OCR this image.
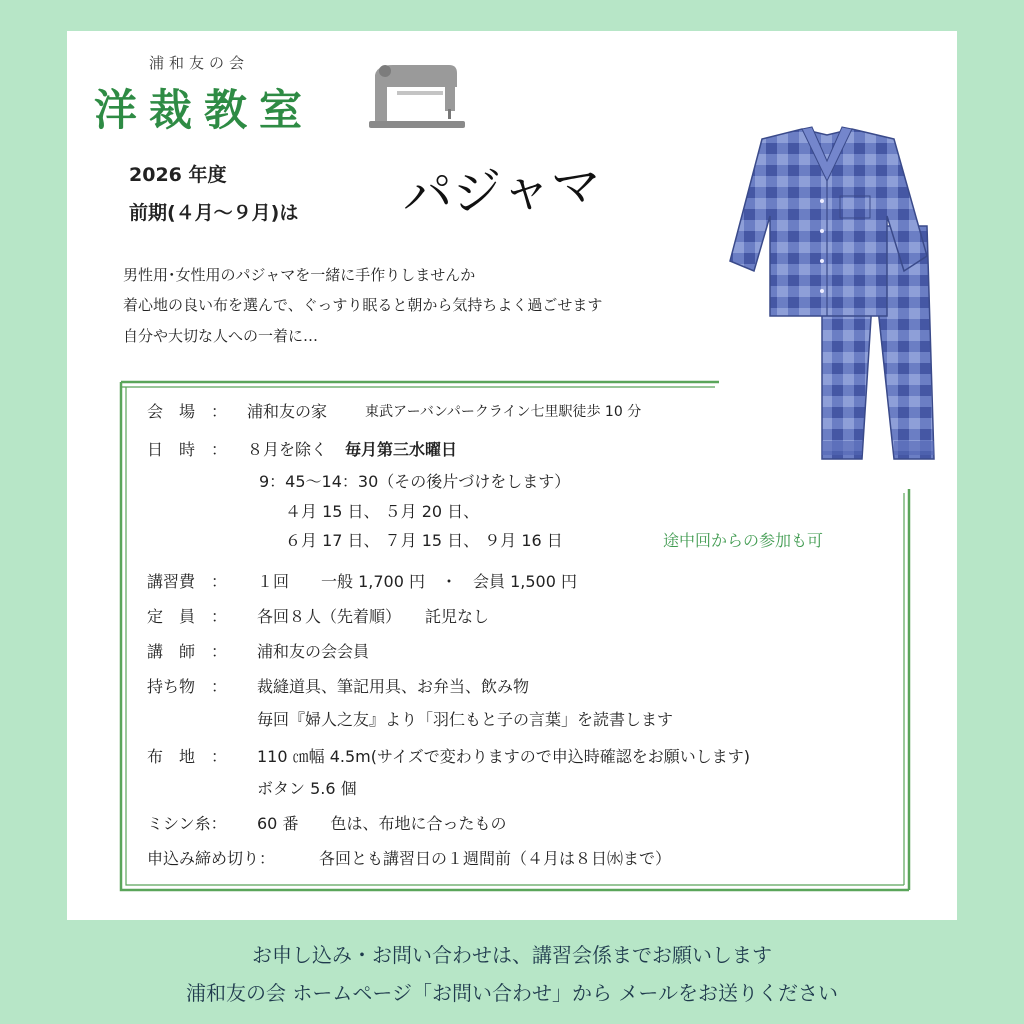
浦和友の会
洋裁教室
2026 年度
前期(４月～９月)は パジャマ
男性用･女性用のパジャマを一緒に手作りしませんか
着心地の良い布を選んで、ぐっすり眠ると朝から気持ちよく過ごせます
自分や大切な人への一着に…
会　場　： 浦和友の家	東武アーバンパークライン七里駅徒歩 10 分
日　時　： ８月を除く 毎月第三水曜日
9：45～14：30（その後片づけをします）
４月 15 日、 ５月 20 日、
６月 17 日、 ７月 15 日、 ９月 16 日	途中回からの参加も可
講習費　： １回　　一般 1,700 円　・　会員 1,500 円
定　員　： 各回８人（先着順）　　託児なし
講　師　： 浦和友の会会員
持ち物　： 裁縫道具、筆記用具、お弁当、飲み物
毎回『婦人之友』より「羽仁もと子の言葉」を読書します
布　地　： 110 ㎝幅 4.5m(サイズで変わりますので申込時確認をお願いします)
ボタン 5.6 個
ミシン糸： 60 番　　色は、布地に合ったもの
申込み締め切り：	各回とも講習日の１週間前（４月は８日㈬まで）
お申し込み・お問い合わせは、講習会係までお願いします
浦和友の会 ホームページ「お問い合わせ」から メールをお送りください
